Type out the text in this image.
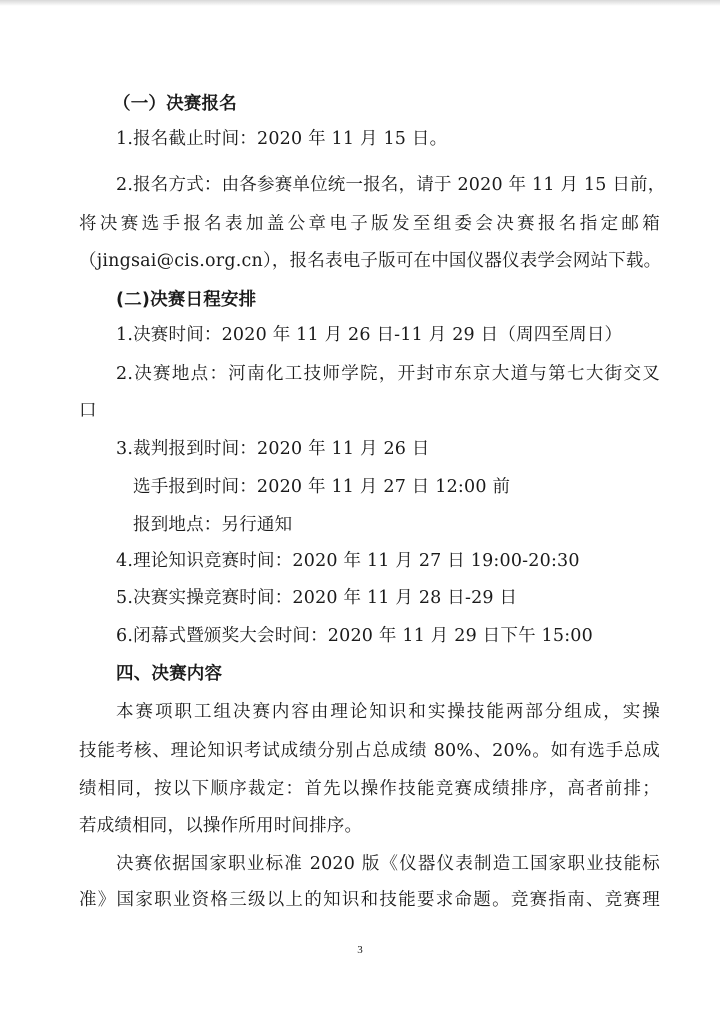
（一）决赛报名
1.报名截止时间：2020 年 11 月 15 日。
2.报名方式：由各参赛单位统一报名，请于 2020 年 11 月 15 日前，
将决赛选手报名表加盖公章电子版发至组委会决赛报名指定邮箱
（jingsai@cis.org.cn），报名表电子版可在中国仪器仪表学会网站下载。
(二)决赛日程安排
1.决赛时间：2020 年 11 月 26 日-11 月 29 日（周四至周日）
2.决赛地点：河南化工技师学院，开封市东京大道与第七大街交叉
口
3.裁判报到时间：2020 年 11 月 26 日
选手报到时间：2020 年 11 月 27 日 12:00 前
报到地点：另行通知
4.理论知识竞赛时间：2020 年 11 月 27 日 19:00-20:30
5.决赛实操竞赛时间：2020 年 11 月 28 日-29 日
6.闭幕式暨颁奖大会时间：2020 年 11 月 29 日下午 15:00
四、决赛内容
本赛项职工组决赛内容由理论知识和实操技能两部分组成，实操
技能考核、理论知识考试成绩分别占总成绩 80%、20%。如有选手总成
绩相同，按以下顺序裁定：首先以操作技能竞赛成绩排序，高者前排；
若成绩相同，以操作所用时间排序。
决赛依据国家职业标准 2020 版《仪器仪表制造工国家职业技能标
准》国家职业资格三级以上的知识和技能要求命题。竞赛指南、竞赛理
3
